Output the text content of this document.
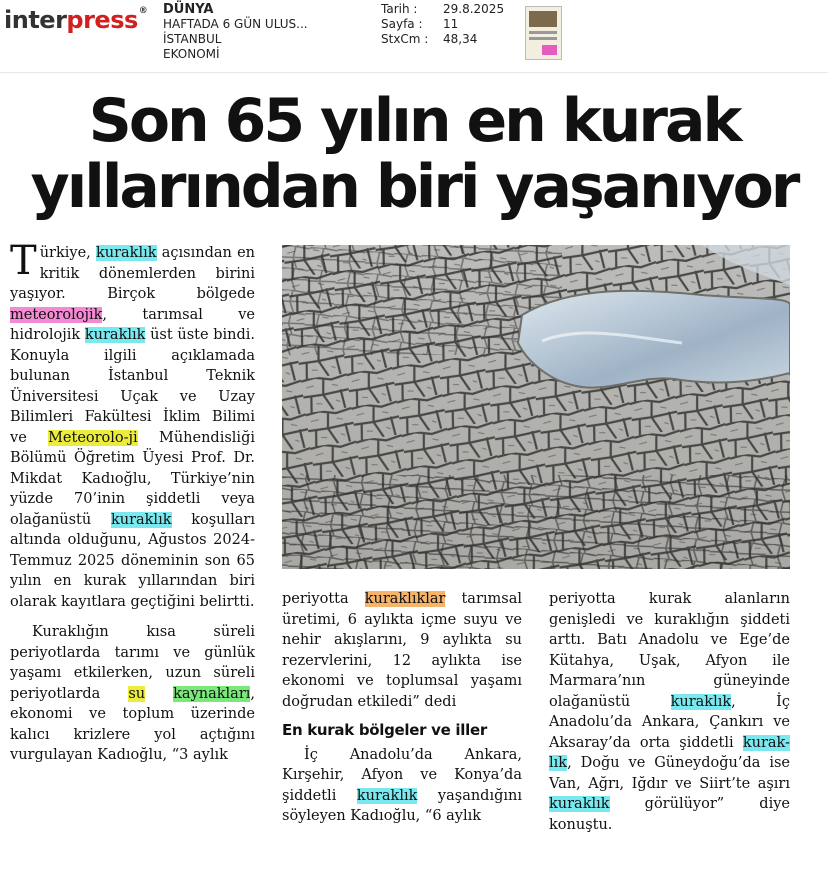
interpress® DÜNYA
HAFTADA 6 GÜN ULUS...
İSTANBUL
EKONOMİ
Tarih :	29.8.2025
Sayfa :	11
StxCm :	48,34
Son 65 yılın en kurak
yıllarından biri yaşanıyor

Türkiye, kuraklık açısından en kritik dönemlerden birini yaşıyor. Birçok bölgede meteorolojik, tarımsal ve hidrolojik kuraklık üst üste bindi. Konuyla ilgili açıklamada bulunan İstanbul Teknik Üniversitesi Uçak ve Uzay Bilimleri Fakültesi İklim Bilimi ve Meteorolo-ji Mühendisliği Bölümü Öğretim Üyesi Prof. Dr. Mikdat Kadıoğlu, Türkiye’nin yüzde 70’inin şiddetli veya olağanüstü kuraklık koşulları altında olduğunu, Ağustos 2024-Temmuz 2025 döneminin son 65 yılın en kurak yıllarından biri olarak kayıtlara geçtiğini belirtti.

Kuraklığın kısa süreli periyotlarda tarımı ve günlük yaşamı etkilerken, uzun süreli periyotlarda su kaynakları, ekonomi ve toplum üzerinde kalıcı krizlere yol açtığını vurgulayan Kadıoğlu, “3 aylık

periyotta kuraklıklar tarımsal üretimi, 6 aylıkta içme suyu ve nehir akışlarını, 9 aylıkta su rezervlerini, 12 aylıkta ise ekonomi ve toplumsal yaşamı doğrudan etkiledi” dedi

En kurak bölgeler ve iller

İç Anadolu’da Ankara, Kırşehir, Afyon ve Konya’da şiddetli kuraklık yaşandığını söyleyen Kadıoğlu, “6 aylık

periyotta kurak alanların genişledi ve kuraklığın şiddeti arttı. Batı Anadolu ve Ege’de Kütahya, Uşak, Afyon ile Marmara’nın güneyinde olağanüstü kuraklık, İç Anadolu’da Ankara, Çankırı ve Aksaray’da orta şiddetli kurak-lık, Doğu ve Güneydoğu’da ise Van, Ağrı, Iğdır ve Siirt’te aşırı kuraklık görülüyor” diye konuştu.
